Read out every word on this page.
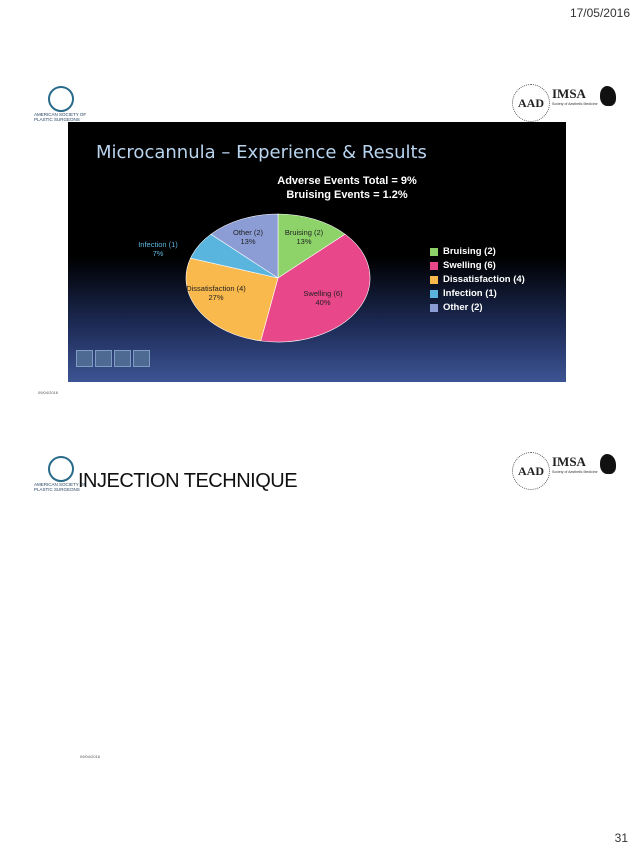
17/05/2016
31
AMERICAN SOCIETY OF PLASTIC SURGEONS
AAD
IMSA
Society of Aesthetic Medicine
Microcannula – Experience & Results
Adverse Events Total = 9%
Bruising Events = 1.2%
Bruising (2)
13%
Swelling (6)
40%
Dissatisfaction (4)
27%
Infection (1)
7%
Other (2)
13%
Bruising (2)
Swelling (6)
Dissatisfaction (4)
Infection (1)
Other (2)
09/04/2016
AMERICAN SOCIETY OF PLASTIC SURGEONS
INJECTION TECHNIQUE	AAD
IMSA
Society of Aesthetic Medicine
09/04/2016
